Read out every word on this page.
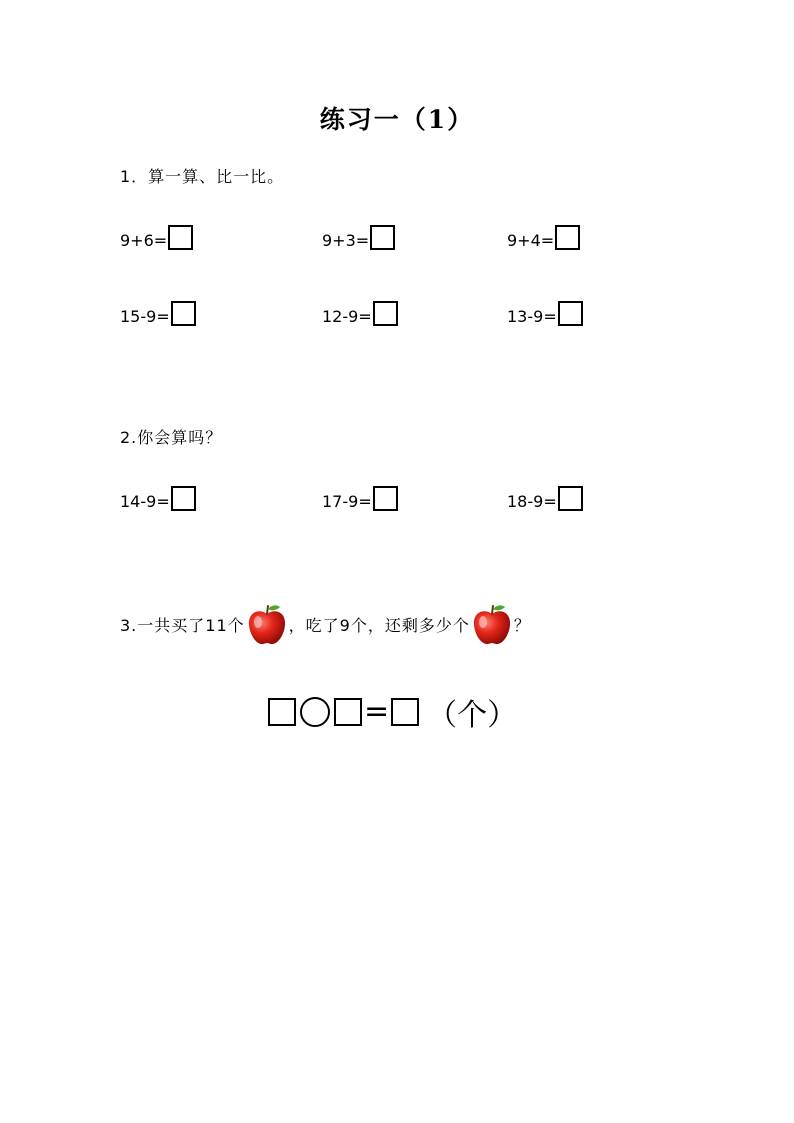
练习一（1）
1．算一算、比一比。
9+6=	9+3=	9+4=
15-9=	12-9=	13-9=
2.你会算吗？
14-9=	17-9=	18-9=
3.一共买了11个	，吃了9个，还剩多少个	？
= （个）
